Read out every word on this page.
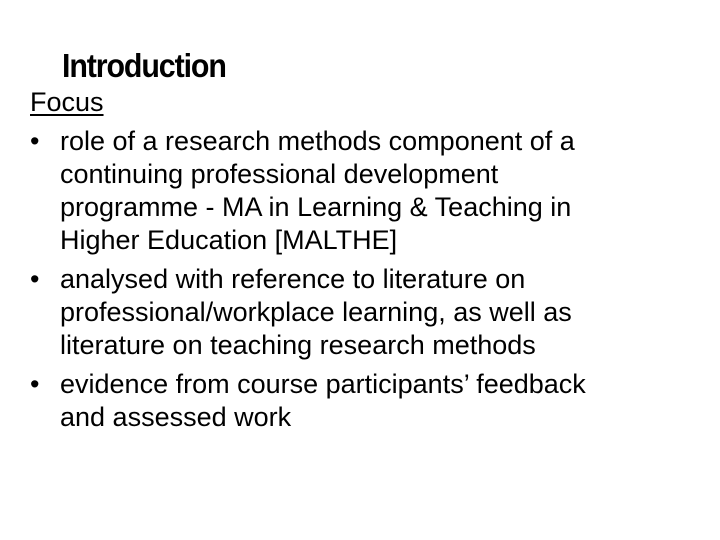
Introduction
Focus
• role of a research methods component of a
continuing professional development
programme - MA in Learning & Teaching in
Higher Education [MALTHE]
• analysed with reference to literature on
professional/workplace learning, as well as
literature on teaching research methods
• evidence from course participants’ feedback
and assessed work
